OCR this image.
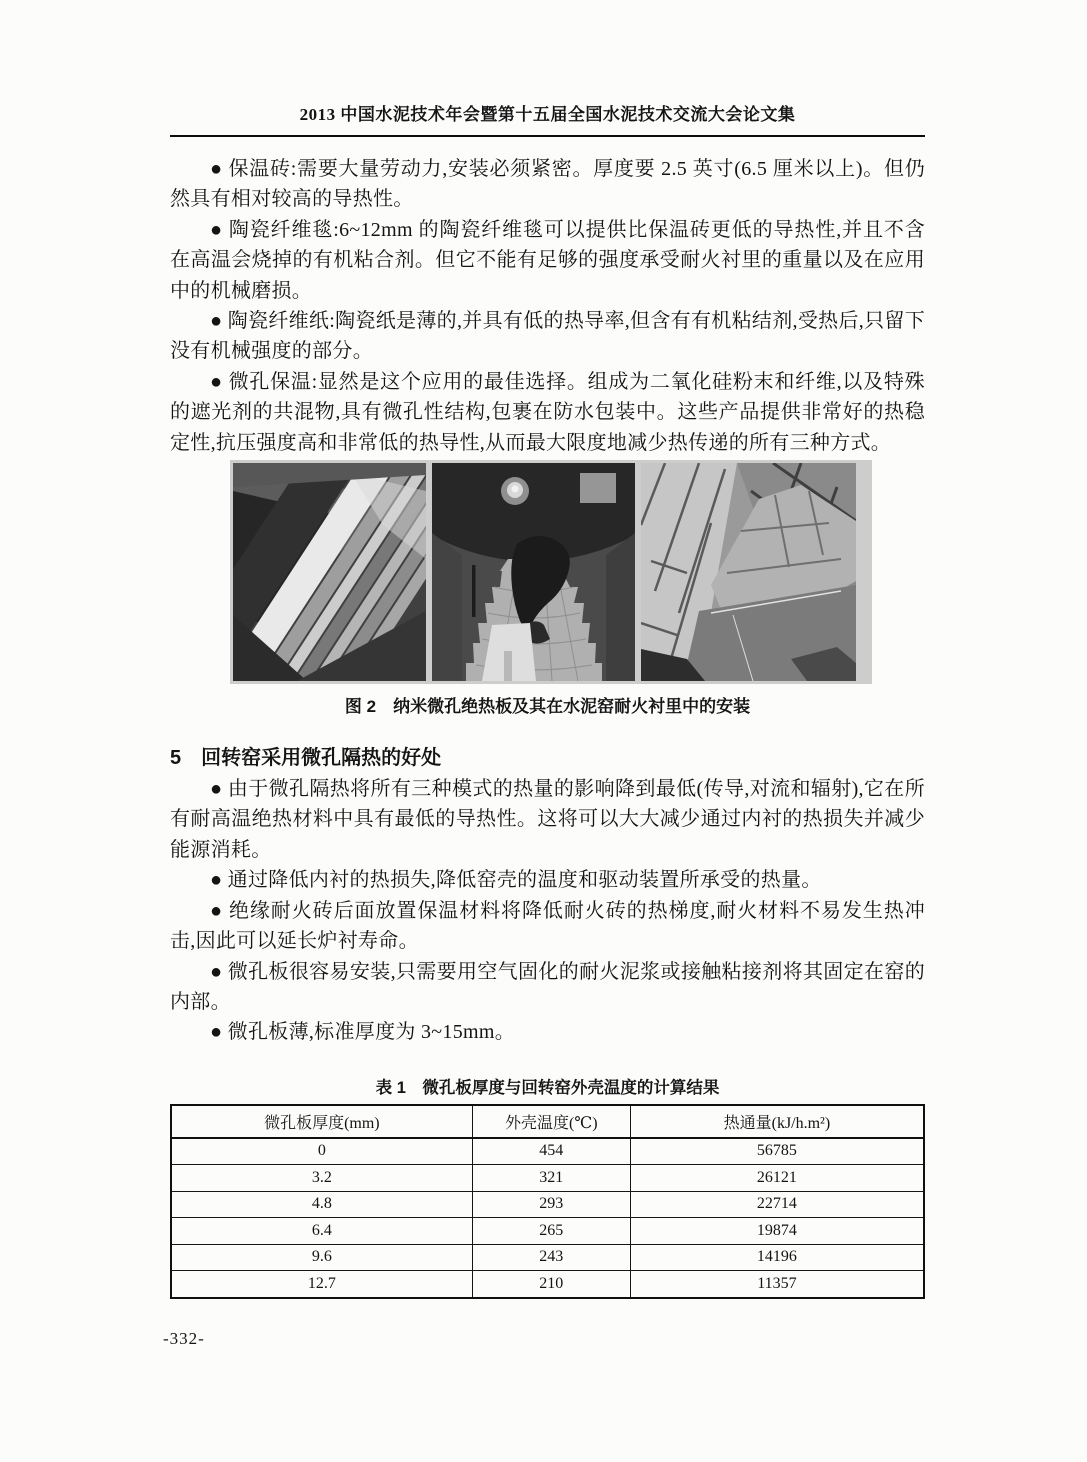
2013 中国水泥技术年会暨第十五届全国水泥技术交流大会论文集

● 保温砖:需要大量劳动力,安装必须紧密。厚度要 2.5 英寸(6.5 厘米以上)。但仍然具有相对较高的导热性。

● 陶瓷纤维毯:6~12mm 的陶瓷纤维毯可以提供比保温砖更低的导热性,并且不含在高温会烧掉的有机粘合剂。但它不能有足够的强度承受耐火衬里的重量以及在应用中的机械磨损。

● 陶瓷纤维纸:陶瓷纸是薄的,并具有低的热导率,但含有有机粘结剂,受热后,只留下没有机械强度的部分。

● 微孔保温:显然是这个应用的最佳选择。组成为二氧化硅粉末和纤维,以及特殊的遮光剂的共混物,具有微孔性结构,包裹在防水包装中。这些产品提供非常好的热稳定性,抗压强度高和非常低的热导性,从而最大限度地减少热传递的所有三种方式。

图 2　纳米微孔绝热板及其在水泥窑耐火衬里中的安装
5　回转窑采用微孔隔热的好处

● 由于微孔隔热将所有三种模式的热量的影响降到最低(传导,对流和辐射),它在所有耐高温绝热材料中具有最低的导热性。这将可以大大减少通过内衬的热损失并减少能源消耗。

● 通过降低内衬的热损失,降低窑壳的温度和驱动装置所承受的热量。

● 绝缘耐火砖后面放置保温材料将降低耐火砖的热梯度,耐火材料不易发生热冲击,因此可以延长炉衬寿命。

● 微孔板很容易安装,只需要用空气固化的耐火泥浆或接触粘接剂将其固定在窑的内部。

● 微孔板薄,标准厚度为 3~15mm。

表 1　微孔板厚度与回转窑外壳温度的计算结果
微孔板厚度(mm)	外壳温度(℃)	热通量(kJ/h.m²)
0	454	56785
3.2	321	26121
4.8	293	22714
6.4	265	19874
9.6	243	14196
12.7	210	11357
-332-
